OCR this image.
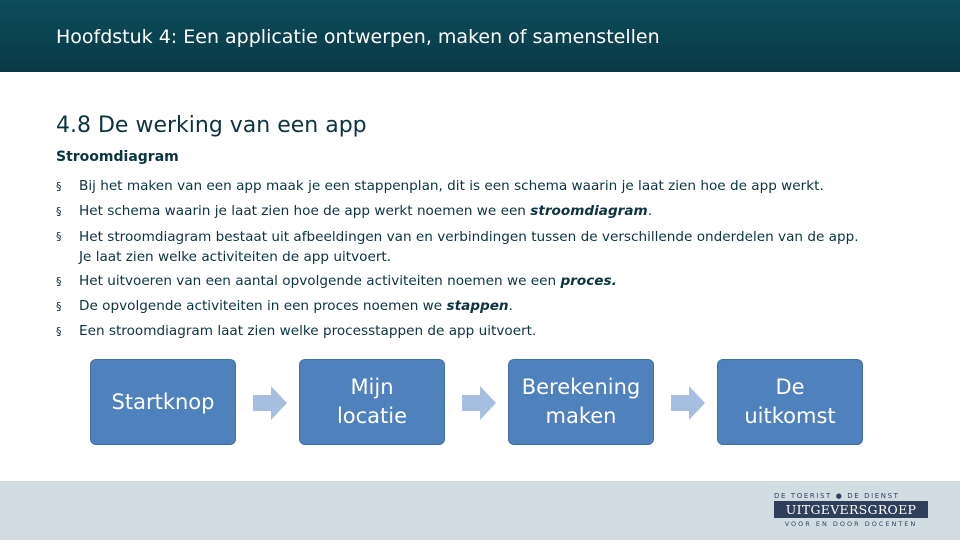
Hoofdstuk 4: Een applicatie ontwerpen, maken of samenstellen
4.8 De werking van een app
Stroomdiagram
§ Bij het maken van een app maak je een stappenplan, dit is een schema waarin je laat zien hoe de app werkt.
§ Het schema waarin je laat zien hoe de app werkt noemen we een stroomdiagram.
§ Het stroomdiagram bestaat uit afbeeldingen van en verbindingen tussen de verschillende onderdelen van de app.
Je laat zien welke activiteiten de app uitvoert.
§ Het uitvoeren van een aantal opvolgende activiteiten noemen we een proces.
§ De opvolgende activiteiten in een proces noemen we stappen.
§ Een stroomdiagram laat zien welke processtappen de app uitvoert.
Startknop
Mijn
locatie
Berekening
maken
De
uitkomst
DE TOERIST ● DE DIENST
UITGEVERSGROEP
VOOR EN DOOR DOCENTEN
